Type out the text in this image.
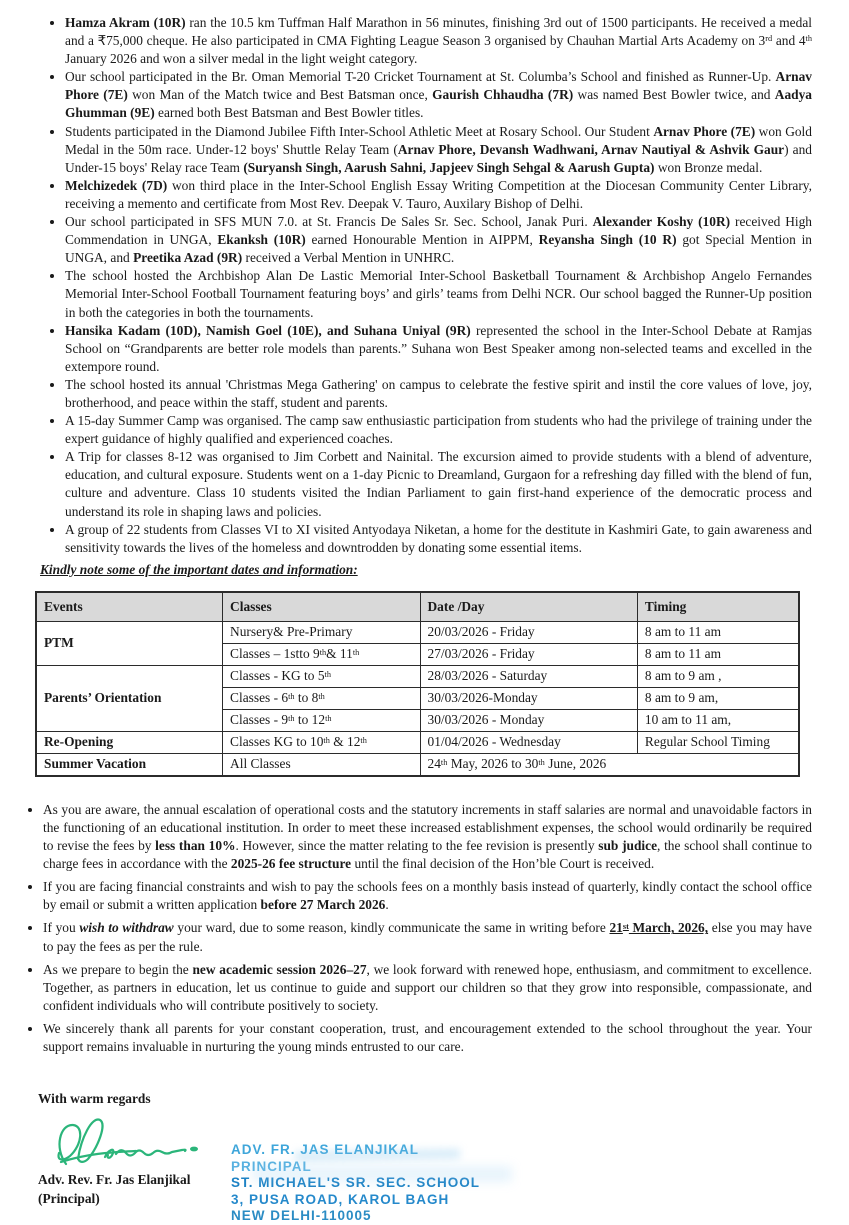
• Hamza Akram (10R) ran the 10.5 km Tuffman Half Marathon in 56 minutes, finishing 3rd out of 1500 participants. He received a medal and a ₹75,000 cheque. He also participated in CMA Fighting League Season 3 organised by Chauhan Martial Arts Academy on 3rd and 4th January 2026 and won a silver medal in the light weight category.
• Our school participated in the Br. Oman Memorial T-20 Cricket Tournament at St. Columba’s School and finished as Runner-Up. Arnav Phore (7E) won Man of the Match twice and Best Batsman once, Gaurish Chhaudha (7R) was named Best Bowler twice, and Aadya Ghumman (9E) earned both Best Batsman and Best Bowler titles.
• Students participated in the Diamond Jubilee Fifth Inter-School Athletic Meet at Rosary School. Our Student Arnav Phore (7E) won Gold Medal in the 50m race. Under-12 boys' Shuttle Relay Team (Arnav Phore, Devansh Wadhwani, Arnav Nautiyal & Ashvik Gaur) and Under-15 boys' Relay race Team (Suryansh Singh, Aarush Sahni, Japjeev Singh Sehgal & Aarush Gupta) won Bronze medal.
• Melchizedek (7D) won third place in the Inter-School English Essay Writing Competition at the Diocesan Community Center Library, receiving a memento and certificate from Most Rev. Deepak V. Tauro, Auxilary Bishop of Delhi.
• Our school participated in SFS MUN 7.0. at St. Francis De Sales Sr. Sec. School, Janak Puri. Alexander Koshy (10R) received High Commendation in UNGA, Ekanksh (10R) earned Honourable Mention in AIPPM, Reyansha Singh (10 R) got Special Mention in UNGA, and Preetika Azad (9R) received a Verbal Mention in UNHRC.
• The school hosted the Archbishop Alan De Lastic Memorial Inter-School Basketball Tournament & Archbishop Angelo Fernandes Memorial Inter-School Football Tournament featuring boys’ and girls’ teams from Delhi NCR. Our school bagged the Runner-Up position in both the categories in both the tournaments.
• Hansika Kadam (10D), Namish Goel (10E), and Suhana Uniyal (9R) represented the school in the Inter-School Debate at Ramjas School on “Grandparents are better role models than parents.” Suhana won Best Speaker among non-selected teams and excelled in the extempore round.
• The school hosted its annual 'Christmas Mega Gathering' on campus to celebrate the festive spirit and instil the core values of love, joy, brotherhood, and peace within the staff, student and parents.
• A 15-day Summer Camp was organised. The camp saw enthusiastic participation from students who had the privilege of training under the expert guidance of highly qualified and experienced coaches.
• A Trip for classes 8-12 was organised to Jim Corbett and Nainital. The excursion aimed to provide students with a blend of adventure, education, and cultural exposure. Students went on a 1-day Picnic to Dreamland, Gurgaon for a refreshing day filled with the blend of fun, culture and adventure. Class 10 students visited the Indian Parliament to gain first-hand experience of the democratic process and understand its role in shaping laws and policies.
• A group of 22 students from Classes VI to XI visited Antyodaya Niketan, a home for the destitute in Kashmiri Gate, to gain awareness and sensitivity towards the lives of the homeless and downtrodden by donating some essential items.
Kindly note some of the important dates and information:
Events	Classes	Date /Day	Timing
PTM	Nursery& Pre-Primary	20/03/2026 - Friday	8 am to 11 am
	Classes – 1stto 9th& 11th	27/03/2026 - Friday	8 am to 11 am
Parents’ Orientation	Classes - KG to 5th	28/03/2026 - Saturday	8 am to 9 am ,
	Classes - 6th to 8th	30/03/2026-Monday	8 am to 9 am,
	Classes - 9th to 12th	30/03/2026 - Monday	10 am to 11 am,
Re-Opening	Classes KG to 10th & 12th	01/04/2026 - Wednesday	Regular School Timing
Summer Vacation	All Classes	24th May, 2026 to 30th June, 2026	
• As you are aware, the annual escalation of operational costs and the statutory increments in staff salaries are normal and unavoidable factors in the functioning of an educational institution. In order to meet these increased establishment expenses, the school would ordinarily be required to revise the fees by less than 10%. However, since the matter relating to the fee revision is presently sub judice, the school shall continue to charge fees in accordance with the 2025-26 fee structure until the final decision of the Hon’ble Court is received.
• If you are facing financial constraints and wish to pay the schools fees on a monthly basis instead of quarterly, kindly contact the school office by email or submit a written application before 27 March 2026.
• If you wish to withdraw your ward, due to some reason, kindly communicate the same in writing before 21st March, 2026, else you may have to pay the fees as per the rule.
• As we prepare to begin the new academic session 2026–27, we look forward with renewed hope, enthusiasm, and commitment to excellence. Together, as partners in education, let us continue to guide and support our children so that they grow into responsible, compassionate, and confident individuals who will contribute positively to society.
• We sincerely thank all parents for your constant cooperation, trust, and encouragement extended to the school throughout the year. Your support remains invaluable in nurturing the young minds entrusted to our care.
With warm regards
Adv. Rev. Fr. Jas Elanjikal
(Principal)
ADV. FR. JAS ELANJIKAL
PRINCIPAL
ST. MICHAEL'S SR. SEC. SCHOOL
3, PUSA ROAD, KAROL BAGH
NEW DELHI-110005
